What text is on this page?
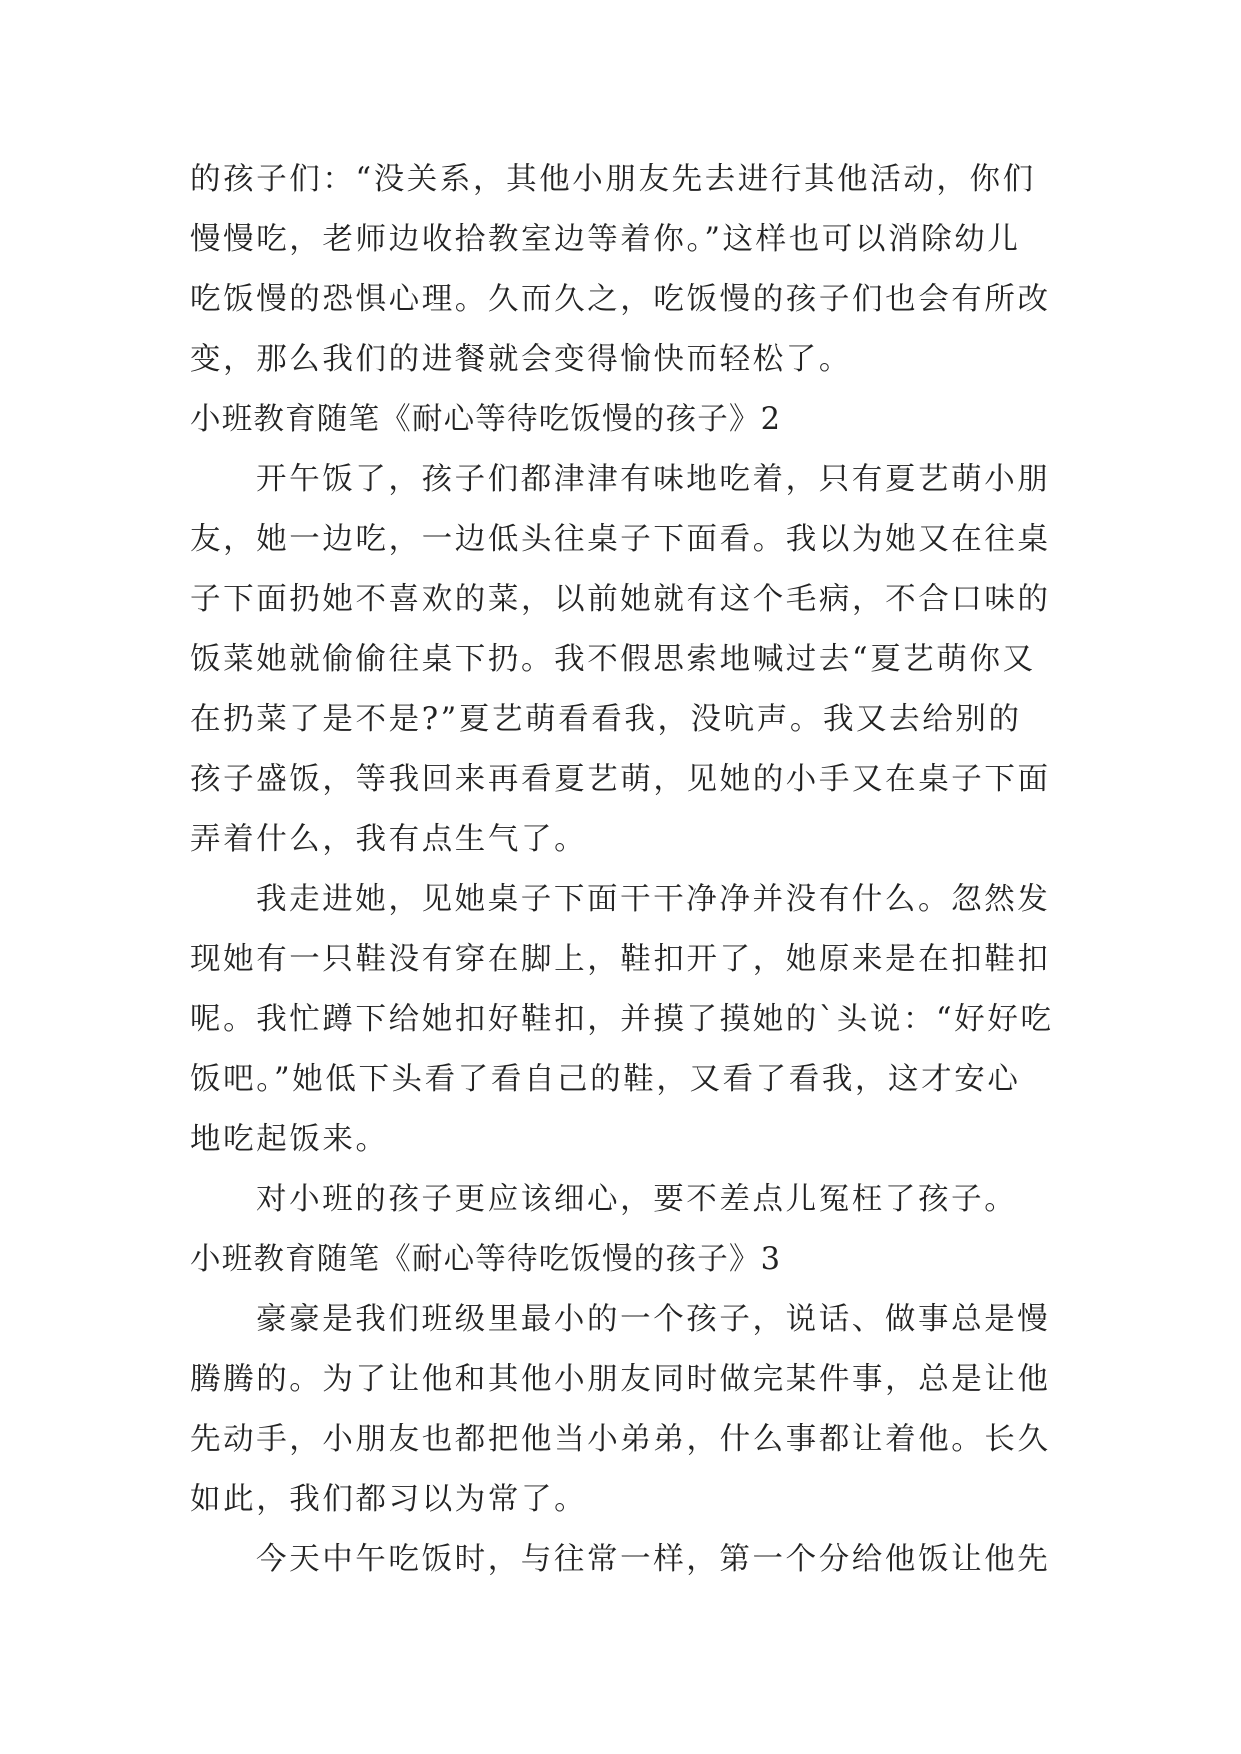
的孩子们：“没关系，其他小朋友先去进行其他活动，你们
慢慢吃，老师边收拾教室边等着你。”这样也可以消除幼儿
吃饭慢的恐惧心理。久而久之，吃饭慢的孩子们也会有所改
变，那么我们的进餐就会变得愉快而轻松了。
小班教育随笔《耐心等待吃饭慢的孩子》2
开午饭了，孩子们都津津有味地吃着，只有夏艺萌小朋
友，她一边吃，一边低头往桌子下面看。我以为她又在往桌
子下面扔她不喜欢的菜，以前她就有这个毛病，不合口味的
饭菜她就偷偷往桌下扔。我不假思索地喊过去“夏艺萌你又
在扔菜了是不是?”夏艺萌看看我，没吭声。我又去给别的
孩子盛饭，等我回来再看夏艺萌，见她的小手又在桌子下面
弄着什么，我有点生气了。
我走进她，见她桌子下面干干净净并没有什么。忽然发
现她有一只鞋没有穿在脚上，鞋扣开了，她原来是在扣鞋扣
呢。我忙蹲下给她扣好鞋扣，并摸了摸她的`头说：“好好吃
饭吧。”她低下头看了看自己的鞋，又看了看我，这才安心
地吃起饭来。
对小班的孩子更应该细心，要不差点儿冤枉了孩子。
小班教育随笔《耐心等待吃饭慢的孩子》3
豪豪是我们班级里最小的一个孩子，说话、做事总是慢
腾腾的。为了让他和其他小朋友同时做完某件事，总是让他
先动手，小朋友也都把他当小弟弟，什么事都让着他。长久
如此，我们都习以为常了。
今天中午吃饭时，与往常一样，第一个分给他饭让他先
